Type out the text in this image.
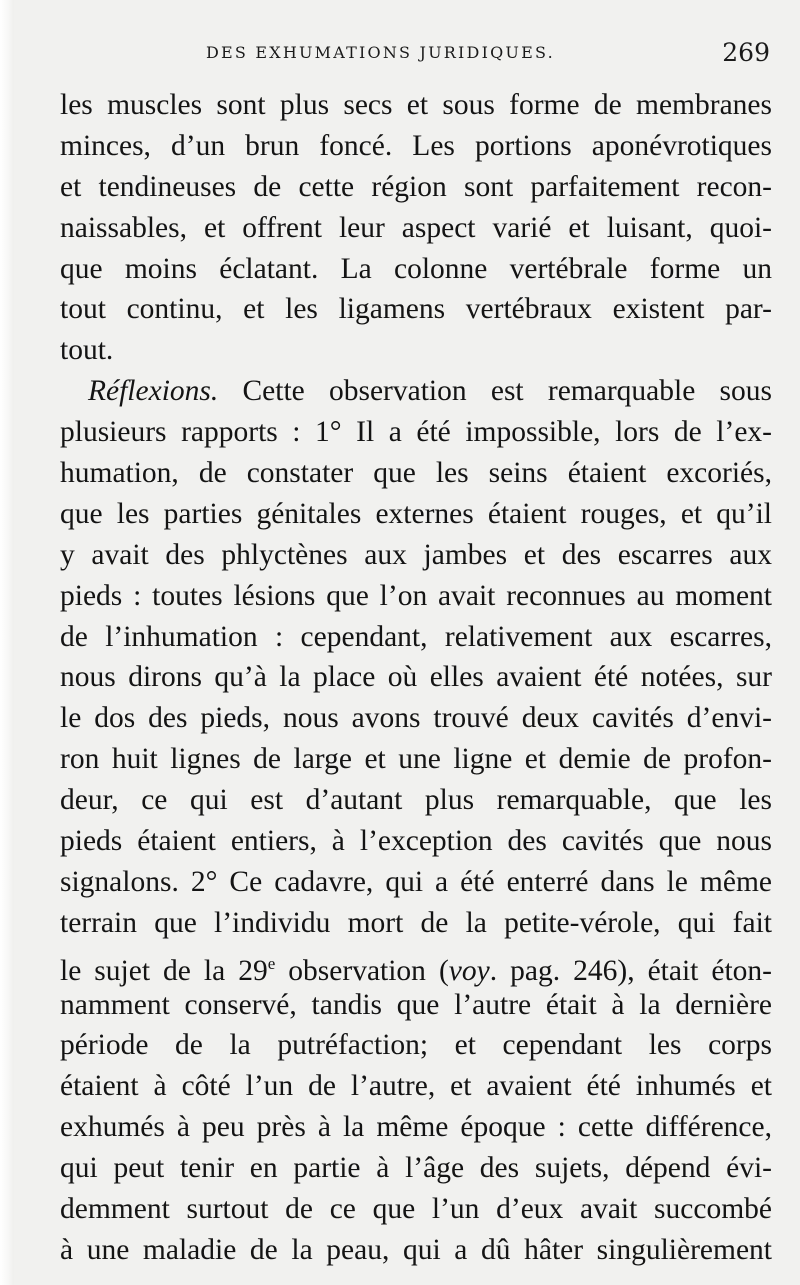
DES EXHUMATIONS JURIDIQUES.	269
les muscles sont plus secs et sous forme de membranes
minces, d’un brun foncé. Les portions aponévrotiques
et tendineuses de cette région sont parfaitement recon-
naissables, et offrent leur aspect varié et luisant, quoi-
que moins éclatant. La colonne vertébrale forme un
tout continu, et les ligamens vertébraux existent par-
tout.
Réflexions. Cette observation est remarquable sous
plusieurs rapports : 1° Il a été impossible, lors de l’ex-
humation, de constater que les seins étaient excoriés,
que les parties génitales externes étaient rouges, et qu’il
y avait des phlyctènes aux jambes et des escarres aux
pieds : toutes lésions que l’on avait reconnues au moment
de l’inhumation : cependant, relativement aux escarres,
nous dirons qu’à la place où elles avaient été notées, sur
le dos des pieds, nous avons trouvé deux cavités d’envi-
ron huit lignes de large et une ligne et demie de profon-
deur, ce qui est d’autant plus remarquable, que les
pieds étaient entiers, à l’exception des cavités que nous
signalons. 2° Ce cadavre, qui a été enterré dans le même
terrain que l’individu mort de la petite-vérole, qui fait
le sujet de la 29e observation (voy. pag. 246), était éton-
namment conservé, tandis que l’autre était à la dernière
période de la putréfaction; et cependant les corps
étaient à côté l’un de l’autre, et avaient été inhumés et
exhumés à peu près à la même époque : cette différence,
qui peut tenir en partie à l’âge des sujets, dépend évi-
demment surtout de ce que l’un d’eux avait succombé
à une maladie de la peau, qui a dû hâter singulièrement
